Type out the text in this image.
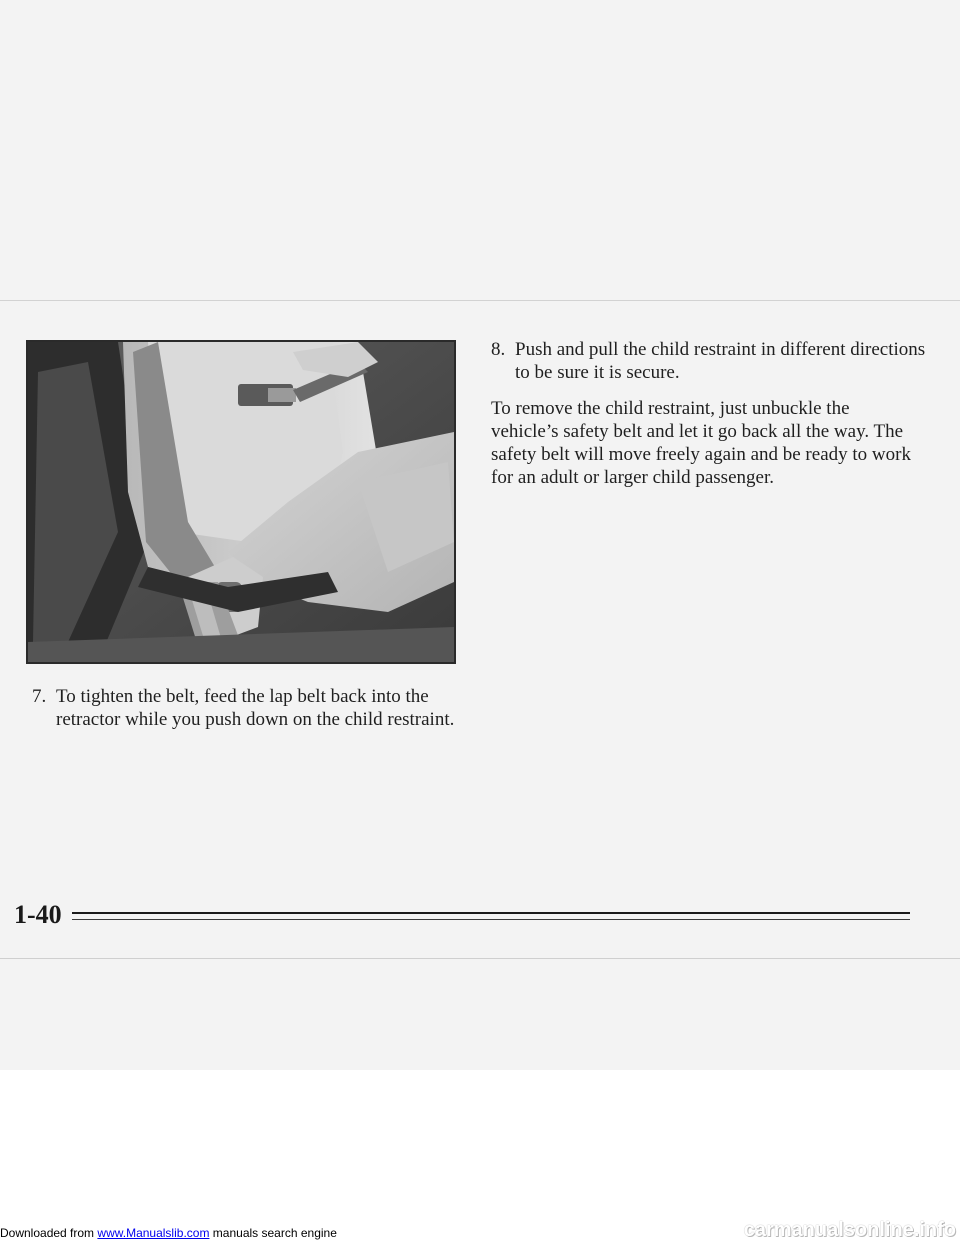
7. To tighten the belt, feed the lap belt back into the retractor while you push down on the child restraint.
8. Push and pull the child restraint in different directions to be sure it is secure.
To remove the child restraint, just unbuckle the vehicle’s safety belt and let it go back all the way. The safety belt will move freely again and be ready to work for an adult or larger child passenger.
1-40
Downloaded from www.Manualslib.com manuals search engine	carmanualsonline.info
